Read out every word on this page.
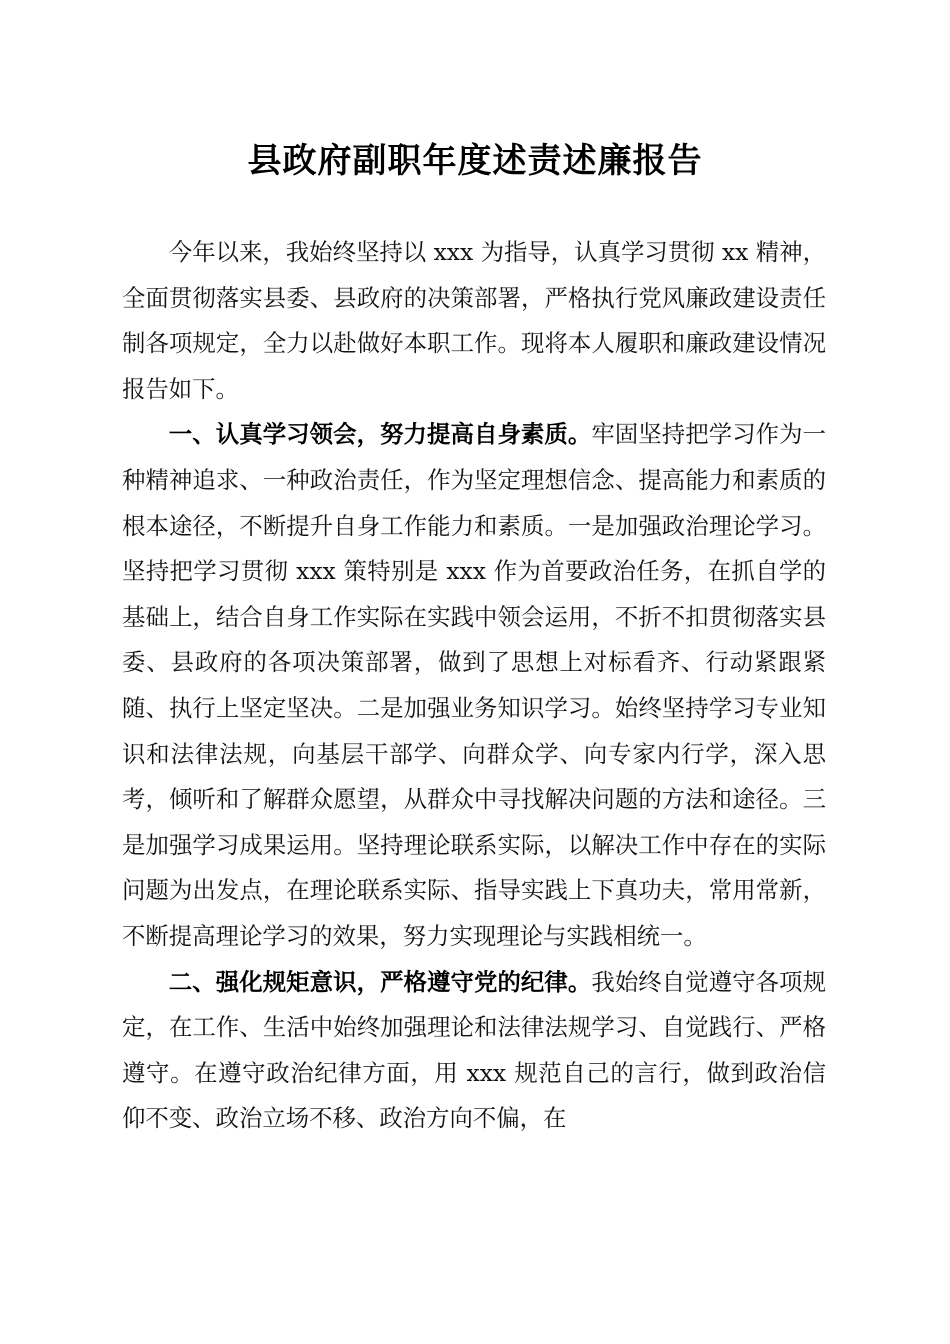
县政府副职年度述责述廉报告

今年以来，我始终坚持以 xxx 为指导，认真学习贯彻 xx 精神，全面贯彻落实县委、县政府的决策部署，严格执行党风廉政建设责任制各项规定，全力以赴做好本职工作。现将本人履职和廉政建设情况报告如下。

一、认真学习领会，努力提高自身素质。牢固坚持把学习作为一种精神追求、一种政治责任，作为坚定理想信念、提高能力和素质的根本途径，不断提升自身工作能力和素质。一是加强政治理论学习。坚持把学习贯彻 xxx 策特别是 xxx 作为首要政治任务，在抓自学的基础上，结合自身工作实际在实践中领会运用，不折不扣贯彻落实县委、县政府的各项决策部署，做到了思想上对标看齐、行动紧跟紧随、执行上坚定坚决。二是加强业务知识学习。始终坚持学习专业知识和法律法规，向基层干部学、向群众学、向专家内行学，深入思考，倾听和了解群众愿望，从群众中寻找解决问题的方法和途径。三是加强学习成果运用。坚持理论联系实际，以解决工作中存在的实际问题为出发点，在理论联系实际、指导实践上下真功夫，常用常新，不断提高理论学习的效果，努力实现理论与实践相统一。

二、强化规矩意识，严格遵守党的纪律。我始终自觉遵守各项规定，在工作、生活中始终加强理论和法律法规学习、自觉践行、严格遵守。在遵守政治纪律方面，用 xxx 规范自己的言行，做到政治信仰不变、政治立场不移、政治方向不偏，在
